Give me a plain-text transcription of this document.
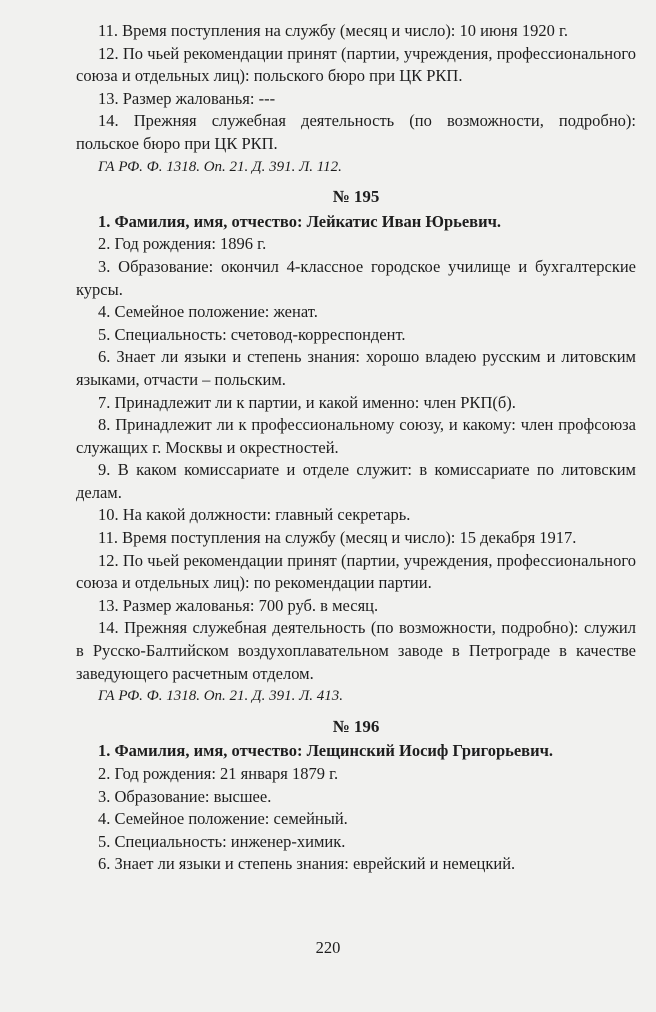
11. Время поступления на службу (месяц и число): 10 июня 1920 г.

12. По чьей рекомендации принят (партии, учреждения, профессионального союза и отдельных лиц): польского бюро при ЦК РКП.

13. Размер жалованья: ---

14. Прежняя служебная деятельность (по возможности, подробно): польское бюро при ЦК РКП.

ГА РФ. Ф. 1318. Оп. 21. Д. 391. Л. 112.

№ 195

1. Фамилия, имя, отчество: Лейкатис Иван Юрьевич.

2. Год рождения: 1896 г.

3. Образование: окончил 4-классное городское училище и бухгалтерские курсы.

4. Семейное положение: женат.

5. Специальность: счетовод-корреспондент.

6. Знает ли языки и степень знания: хорошо владею русским и литовским языками, отчасти – польским.

7. Принадлежит ли к партии, и какой именно: член РКП(б).

8. Принадлежит ли к профессиональному союзу, и какому: член профсоюза служащих г. Москвы и окрестностей.

9. В каком комиссариате и отделе служит: в комиссариате по литовским делам.

10. На какой должности: главный секретарь.

11. Время поступления на службу (месяц и число): 15 декабря 1917.

12. По чьей рекомендации принят (партии, учреждения, профессионального союза и отдельных лиц): по рекомендации партии.

13. Размер жалованья: 700 руб. в месяц.

14. Прежняя служебная деятельность (по возможности, подробно): служил в Русско-Балтийском воздухоплавательном заводе в Петрограде в качестве заведующего расчетным отделом.

ГА РФ. Ф. 1318. Оп. 21. Д. 391. Л. 413.

№ 196

1. Фамилия, имя, отчество: Лещинский Иосиф Григорьевич.

2. Год рождения: 21 января 1879 г.

3. Образование: высшее.

4. Семейное положение: семейный.

5. Специальность: инженер-химик.

6. Знает ли языки и степень знания: еврейский и немецкий.

220
